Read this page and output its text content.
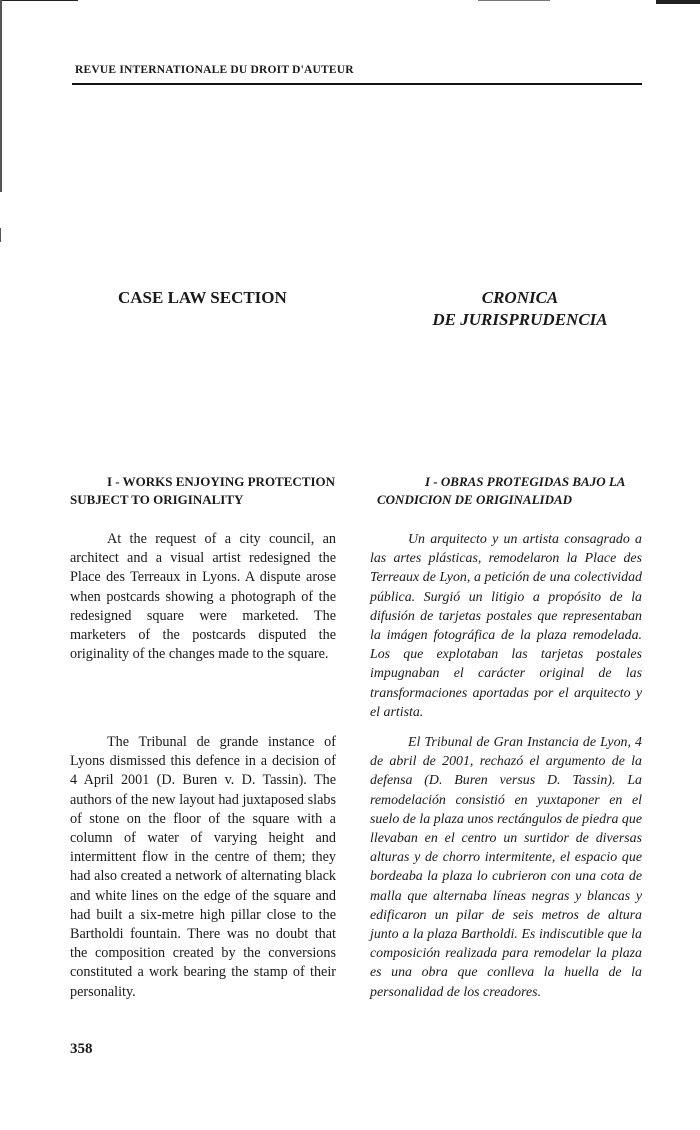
REVUE INTERNATIONALE DU DROIT D'AUTEUR
CASE LAW SECTION	CRONICA
DE JURISPRUDENCIA
I - WORKS ENJOYING PROTECTION
SUBJECT TO ORIGINALITY
I - OBRAS PROTEGIDAS BAJO LA
CONDICION DE ORIGINALIDAD

At the request of a city council, an architect and a visual artist redesigned the Place des Terreaux in Lyons. A dispute arose when postcards showing a photograph of the redesigned square were marketed. The marketers of the postcards disputed the originality of the changes made to the square.

The Tribunal de grande instance of Lyons dismissed this defence in a decision of 4 April 2001 (D. Buren v. D. Tassin). The authors of the new layout had juxtaposed slabs of stone on the floor of the square with a column of water of varying height and intermittent flow in the centre of them; they had also created a network of alternating black and white lines on the edge of the square and had built a six-metre high pillar close to the Bartholdi fountain. There was no doubt that the composition created by the conversions constituted a work bearing the stamp of their personality.

Un arquitecto y un artista consagrado a las artes plásticas, remodelaron la Place des Terreaux de Lyon, a petición de una colectividad pública. Surgió un litigio a propósito de la difusión de tarjetas postales que representaban la imágen fotográfica de la plaza remodelada. Los que explotaban las tarjetas postales impugnaban el carácter original de las transformaciones aportadas por el arquitecto y el artista.

El Tribunal de Gran Instancia de Lyon, 4 de abril de 2001, rechazó el argumento de la defensa (D. Buren versus D. Tassin). La remodelación consistió en yuxtaponer en el suelo de la plaza unos rectángulos de piedra que llevaban en el centro un surtidor de diversas alturas y de chorro intermitente, el espacio que bordeaba la plaza lo cubrieron con una cota de malla que alternaba líneas negras y blancas y edificaron un pilar de seis metros de altura junto a la plaza Bartholdi. Es indiscutible que la composición realizada para remodelar la plaza es una obra que conlleva la huella de la personalidad de los creadores.

358
